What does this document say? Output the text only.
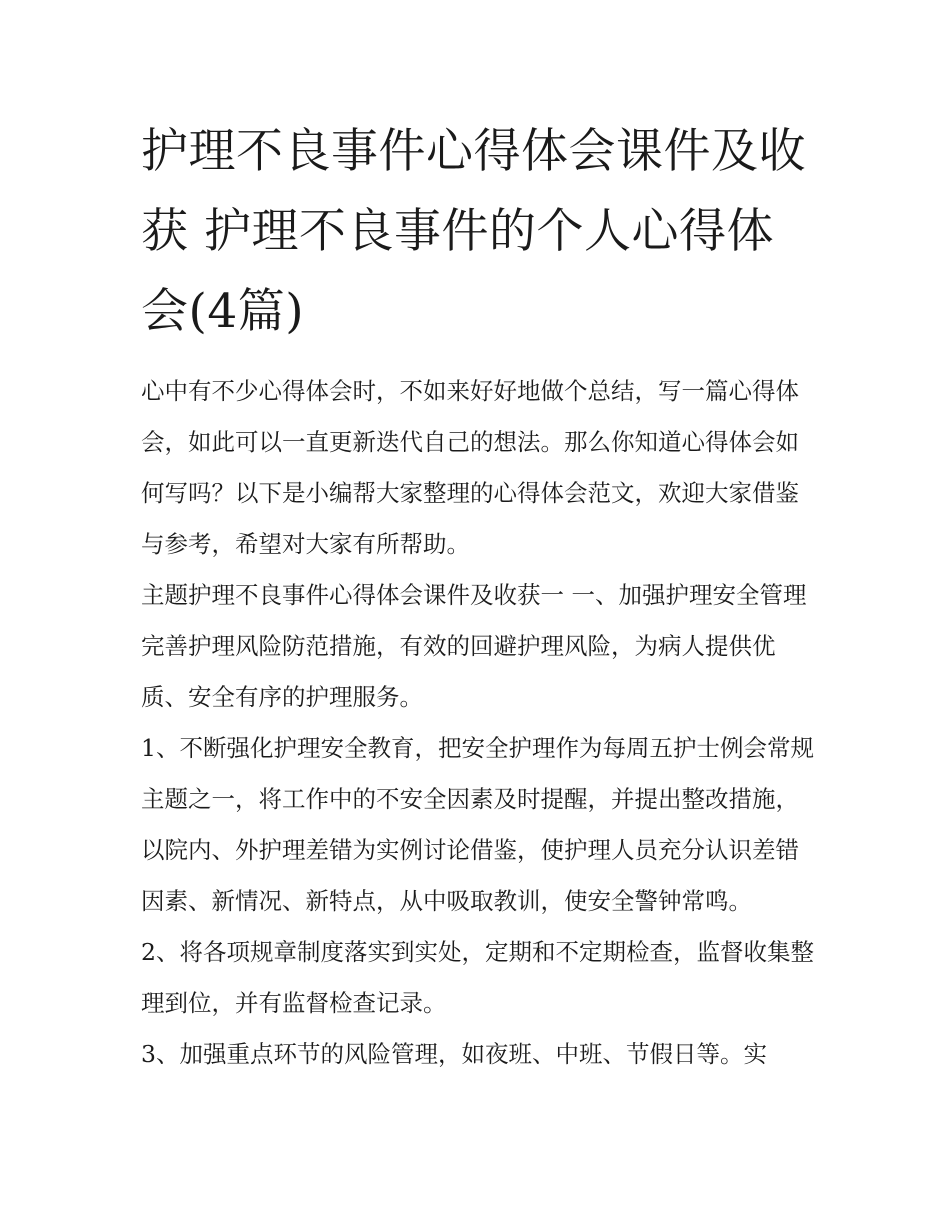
护理不良事件心得体会课件及收获 护理不良事件的个人心得体会(4篇)

心中有不少心得体会时，不如来好好地做个总结，写一篇心得体会，如此可以一直更新迭代自己的想法。那么你知道心得体会如何写吗？以下是小编帮大家整理的心得体会范文，欢迎大家借鉴与参考，希望对大家有所帮助。

主题护理不良事件心得体会课件及收获一 一、加强护理安全管理 完善护理风险防范措施，有效的回避护理风险，为病人提供优质、安全有序的护理服务。

1、不断强化护理安全教育，把安全护理作为每周五护士例会常规主题之一，将工作中的不安全因素及时提醒，并提出整改措施，以院内、外护理差错为实例讨论借鉴，使护理人员充分认识差错因素、新情况、新特点，从中吸取教训，使安全警钟常鸣。

2、将各项规章制度落实到实处，定期和不定期检查，监督收集整理到位，并有监督检查记录。

3、加强重点环节的风险管理，如夜班、中班、节假日等。实
